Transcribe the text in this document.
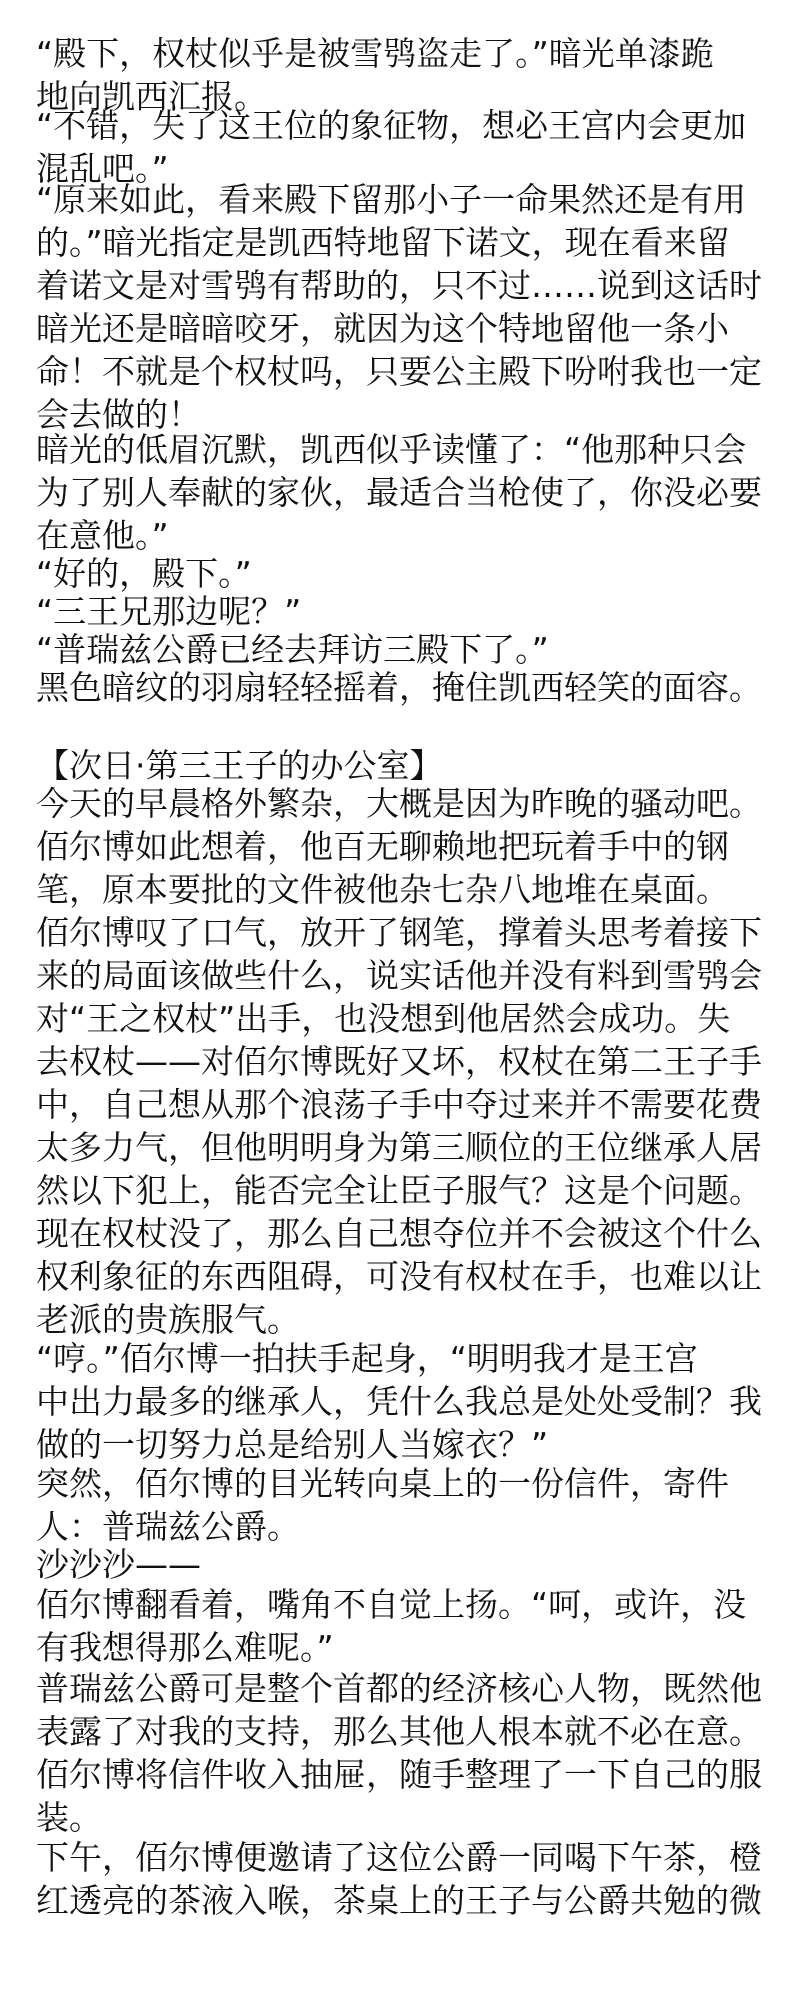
“殿下，权杖似乎是被雪鸮盗走了。”暗光单漆跪
地向凯西汇报。
“不错，失了这王位的象征物，想必王宫内会更加
混乱吧。”
“原来如此，看来殿下留那小子一命果然还是有用
的。”暗光指定是凯西特地留下诺文，现在看来留
着诺文是对雪鸮有帮助的，只不过……说到这话时
暗光还是暗暗咬牙，就因为这个特地留他一条小
命！不就是个权杖吗，只要公主殿下吩咐我也一定
会去做的！
暗光的低眉沉默，凯西似乎读懂了：“他那种只会
为了别人奉献的家伙，最适合当枪使了，你没必要
在意他。”
“好的，殿下。”
“三王兄那边呢？”
“普瑞兹公爵已经去拜访三殿下了。”
黑色暗纹的羽扇轻轻摇着，掩住凯西轻笑的面容。
【次日·第三王子的办公室】
今天的早晨格外繁杂，大概是因为昨晚的骚动吧。
佰尔博如此想着，他百无聊赖地把玩着手中的钢
笔，原本要批的文件被他杂七杂八地堆在桌面。
佰尔博叹了口气，放开了钢笔，撑着头思考着接下
来的局面该做些什么，说实话他并没有料到雪鸮会
对“王之权杖”出手，也没想到他居然会成功。失
去权杖——对佰尔博既好又坏，权杖在第二王子手
中，自己想从那个浪荡子手中夺过来并不需要花费
太多力气，但他明明身为第三顺位的王位继承人居
然以下犯上，能否完全让臣子服气？这是个问题。
现在权杖没了，那么自己想夺位并不会被这个什么
权利象征的东西阻碍，可没有权杖在手，也难以让
老派的贵族服气。
“哼。”佰尔博一拍扶手起身，“明明我才是王宫
中出力最多的继承人，凭什么我总是处处受制？我
做的一切努力总是给别人当嫁衣？”
突然，佰尔博的目光转向桌上的一份信件，寄件
人：普瑞兹公爵。
沙沙沙——
佰尔博翻看着，嘴角不自觉上扬。“呵，或许，没
有我想得那么难呢。”
普瑞兹公爵可是整个首都的经济核心人物，既然他
表露了对我的支持，那么其他人根本就不必在意。
佰尔博将信件收入抽屉，随手整理了一下自己的服
装。
下午，佰尔博便邀请了这位公爵一同喝下午茶，橙
红透亮的茶液入喉，茶桌上的王子与公爵共勉的微
